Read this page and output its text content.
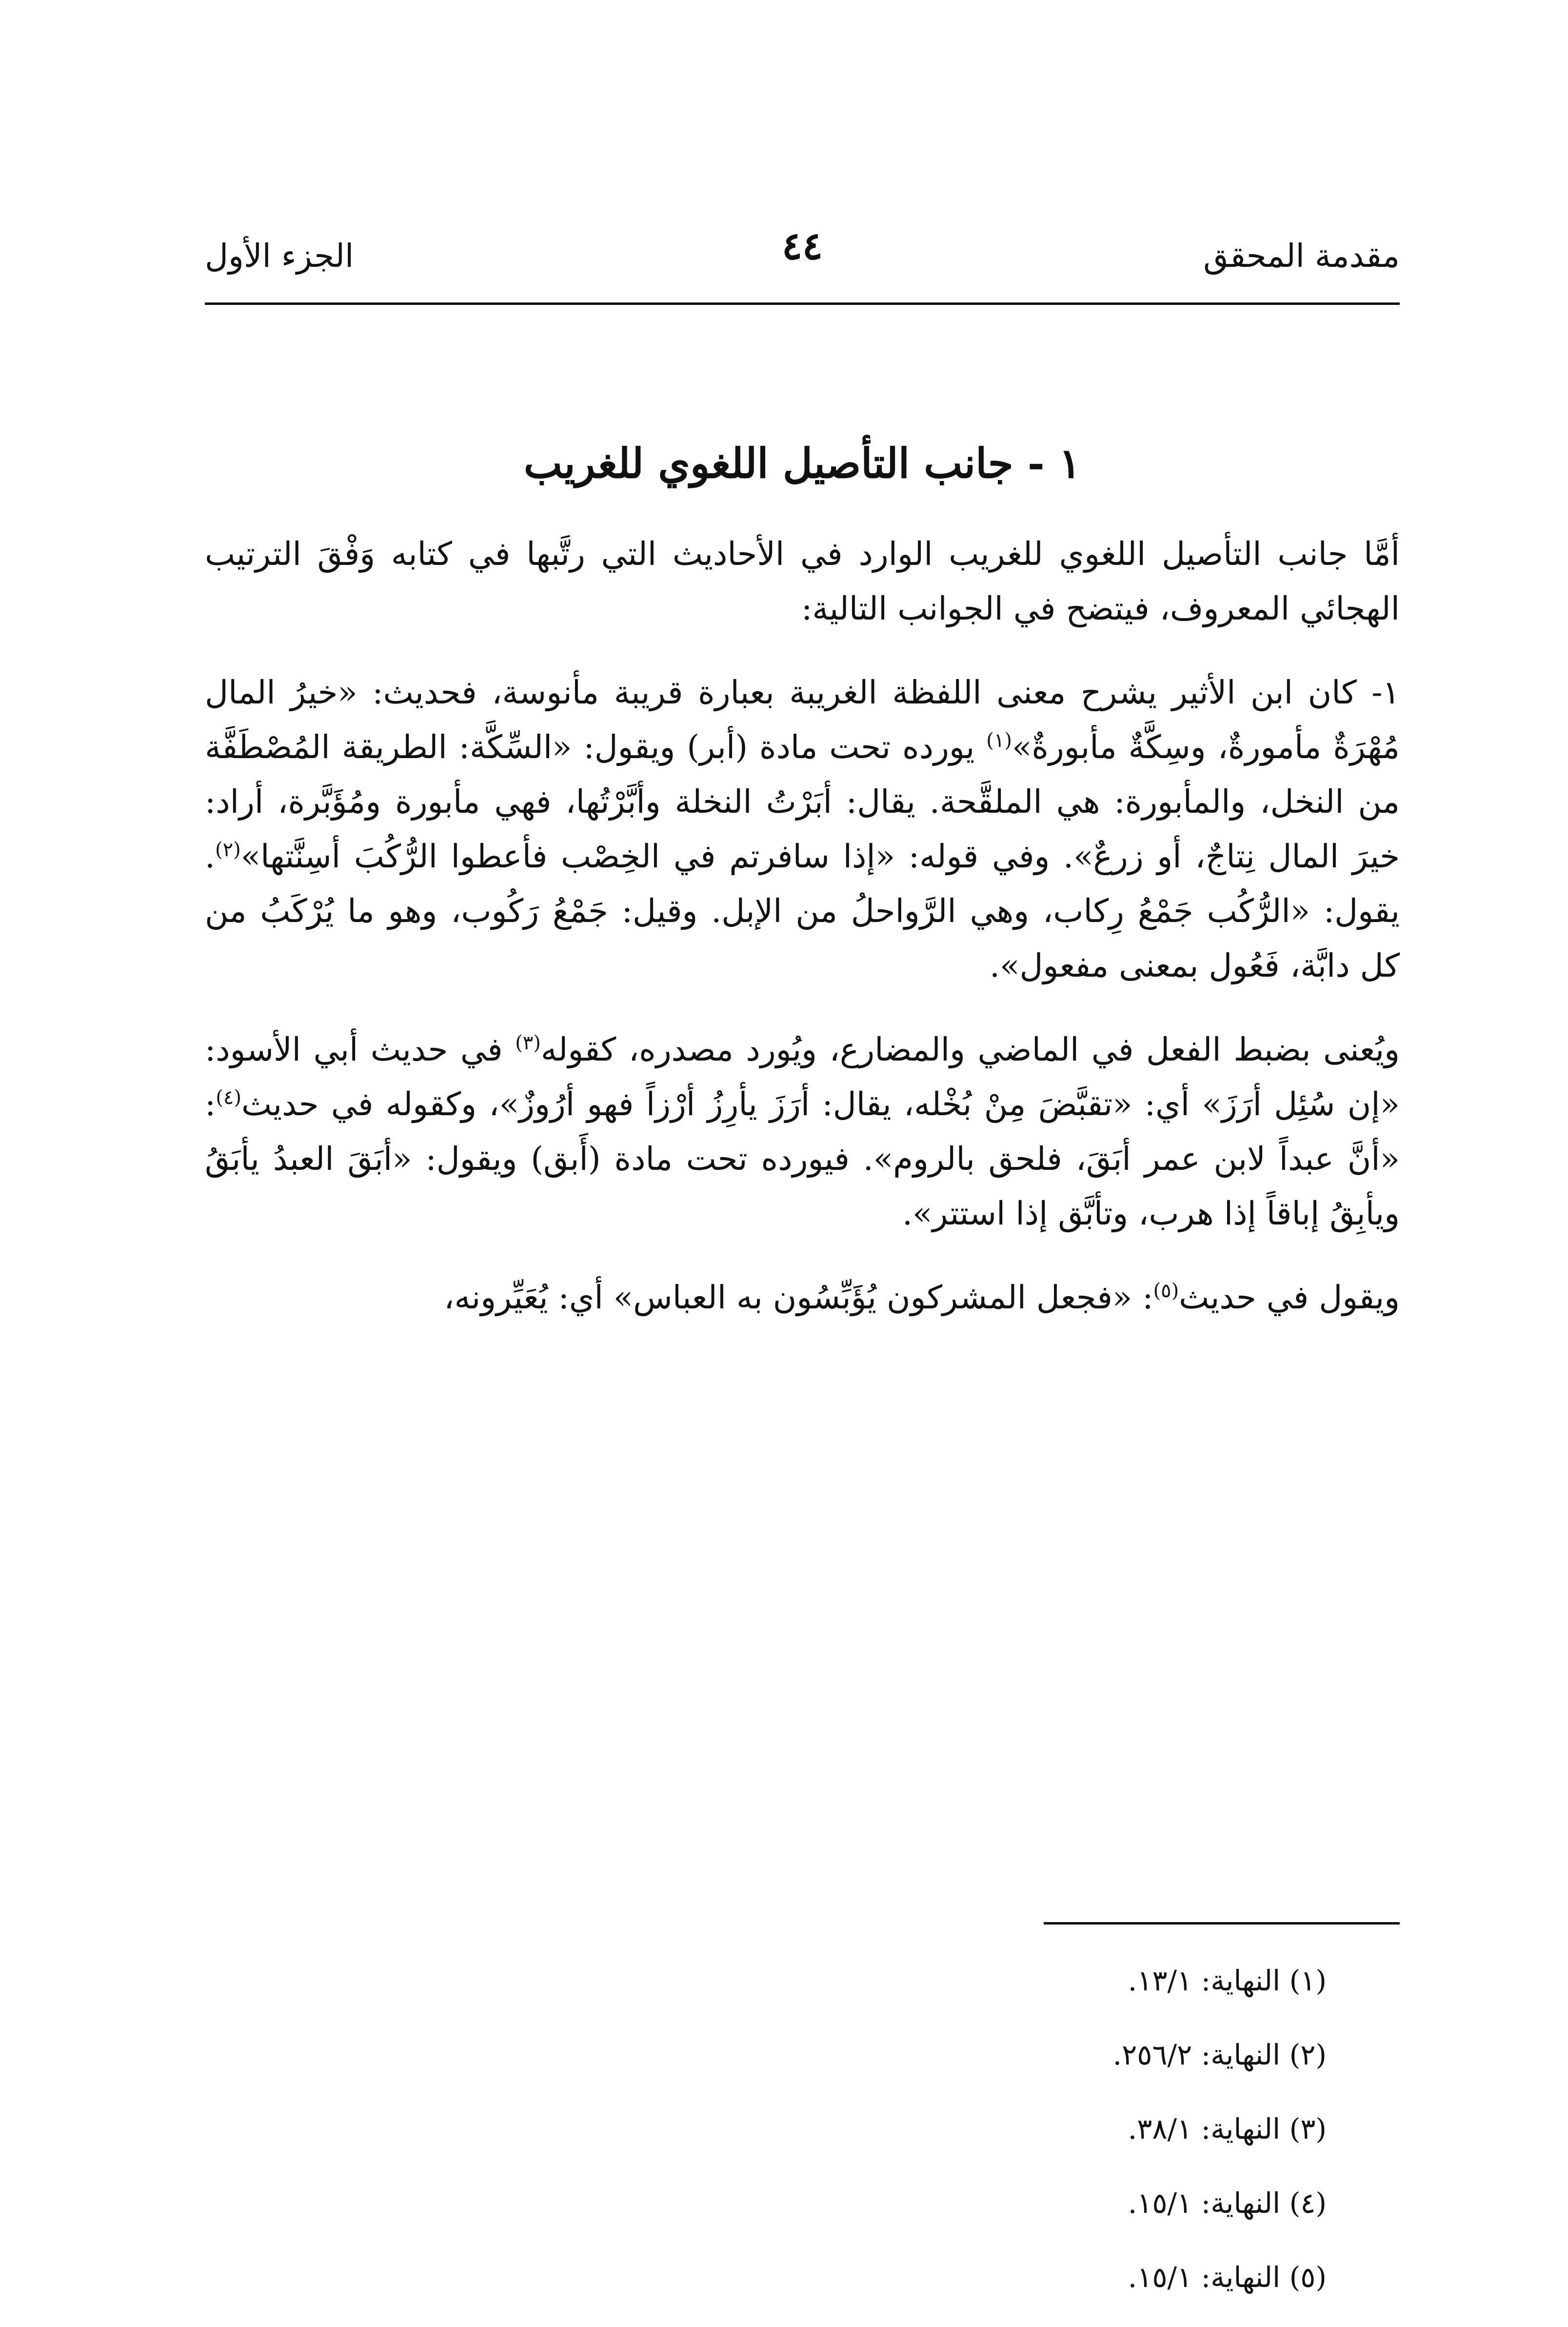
مقدمة المحقق
٤٤
الجزء الأول
١ - جانب التأصيل اللغوي للغريب

أمَّا جانب التأصيل اللغوي للغريب الوارد في الأحاديث التي رتَّبها في كتابه وَفْقَ الترتيب الهجائي المعروف، فيتضح في الجوانب التالية:

١- كان ابن الأثير يشرح معنى اللفظة الغريبة بعبارة قريبة مأنوسة، فحديث: «خيرُ المال مُهْرَةٌ مأمورةٌ، وسِكَّةٌ مأبورةٌ»$^{(١)}$ يورده تحت مادة (أبر) ويقول: «السِّكَّة: الطريقة المُصْطَفَّة من النخل، والمأبورة: هي الملقَّحة. يقال: أبَرْتُ النخلة وأبَّرْتُها، فهي مأبورة ومُؤَبَّرة، أراد: خيرَ المال نِتاجٌ، أو زرعٌ». وفي قوله: «إذا سافرتم في الخِصْب فأعطوا الرُّكُبَ أسِنَّتها»$^{(٢)}$. يقول: «الرُّكُب جَمْعُ رِكاب، وهي الرَّواحلُ من الإبل. وقيل: جَمْعُ رَكُوب، وهو ما يُرْكَبُ من كل دابَّة، فَعُول بمعنى مفعول».

ويُعنى بضبط الفعل في الماضي والمضارع، ويُورد مصدره، كقوله$^{(٣)}$ في حديث أبي الأسود: «إن سُئِل أرَزَ» أي: «تقبَّضَ مِنْ بُخْله، يقال: أرَزَ يأرِزُ أرْزاً فهو أرُوزٌ»، وكقوله في حديث$^{(٤)}$: «أنَّ عبداً لابن عمر أبَقَ، فلحق بالروم». فيورده تحت مادة (أَبق) ويقول: «أبَقَ العبدُ يأبَقُ ويأبِقُ إباقاً إذا هرب، وتأبَّق إذا استتر».

ويقول في حديث$^{(٥)}$: «فجعل المشركون يُؤَبِّسُون به العباس» أي: يُعَيِّرونه،

(١) النهاية: ١٣/١.
(٢) النهاية: ٢٥٦/٢.
(٣) النهاية: ٣٨/١.
(٤) النهاية: ١٥/١.
(٥) النهاية: ١٥/١.
